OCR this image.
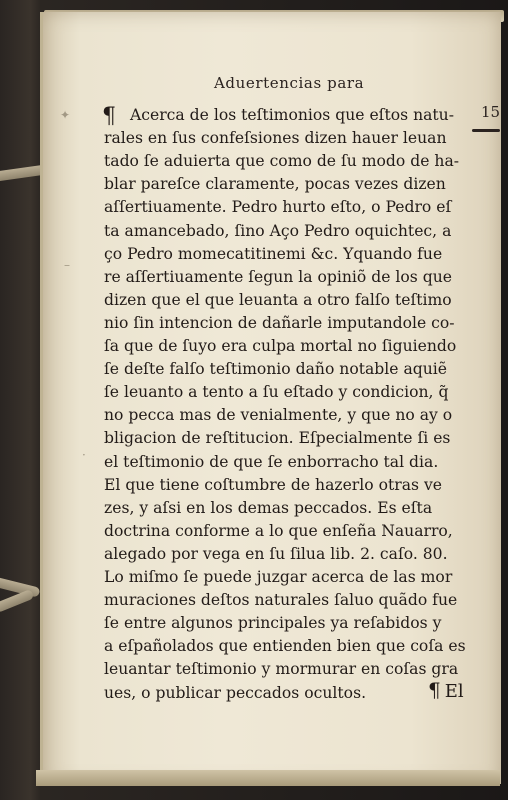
Aduertencias para
15
✦
–
·
¶ Acerca de los teſtimonios que eſtos natu-
rales en ſus confeſsiones dizen hauer leuan
tado ſe aduierta que como de ſu modo de ha-
blar pareſce claramente, pocas vezes dizen
aſſertiuamente. Pedro hurto eſto, o Pedro eſ
ta amancebado, ſino Aço Pedro oquichtec, a
ço Pedro momecatitinemi &c. Yquando fue
re aſſertiuamente ſegun la opiniõ de los que
dizen que el que leuanta a otro falſo teſtimo
nio ſin intencion de dañarle imputandole co-
ſa que de ſuyo era culpa mortal no ſiguiendo
ſe deſte falſo teſtimonio daño notable aquiẽ
ſe leuanto a tento a ſu eſtado y condicion, q̃
no pecca mas de venialmente, y que no ay o
bligacion de reſtitucion. Eſpecialmente ſi es
el teſtimonio de que ſe enborracho tal dia.
El que tiene coſtumbre de hazerlo otras ve
zes, y aſsi en los demas peccados. Es eſta
doctrina conforme a lo que enſeña Nauarro,
alegado por vega en ſu ſilua lib. 2. caſo. 80.
Lo miſmo ſe puede juzgar acerca de las mor
muraciones deſtos naturales ſaluo quãdo fue
ſe entre algunos principales ya reſabidos y
a eſpañolados que entienden bien que coſa es
leuantar teſtimonio y mormurar en coſas gra
ues, o publicar peccados ocultos.	¶ El
